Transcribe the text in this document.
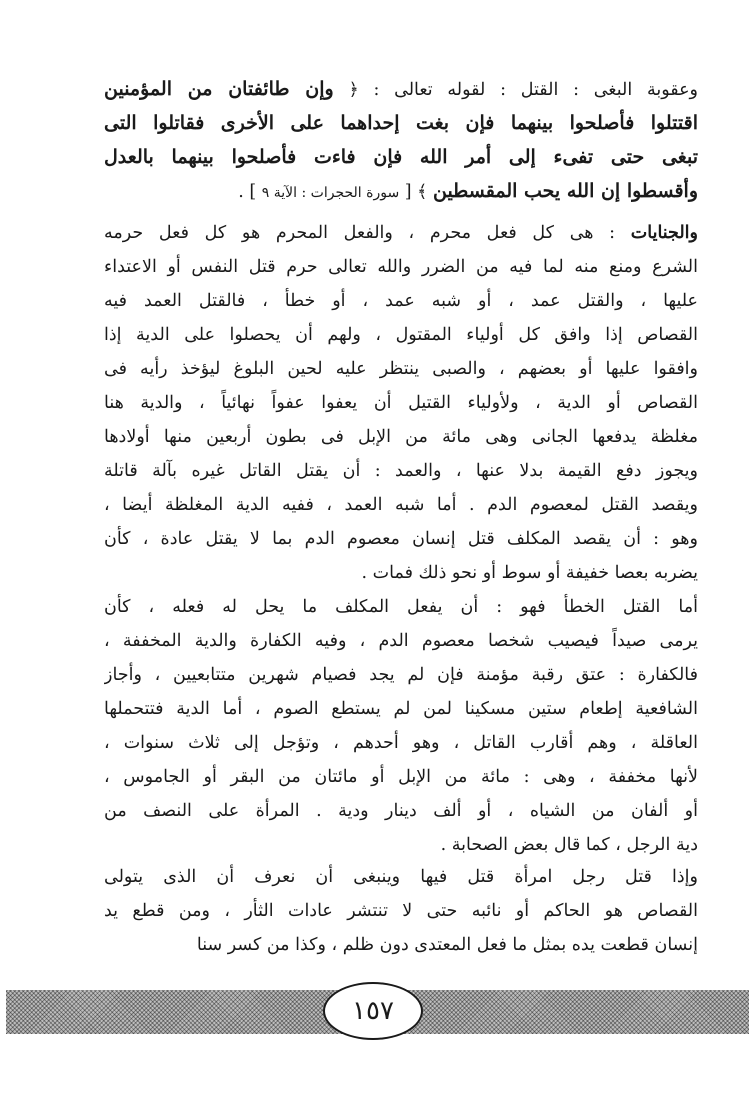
وعقوبة البغى : القتل : لقوله تعالى : ﴿ وإن طائفتان من المؤمنين
اقتتلوا فأصلحوا بينهما فإن بغت إحداهما على الأخرى فقاتلوا التى
تبغى حتى تفىء إلى أمر الله فإن فاءت فأصلحوا بينهما بالعدل
وأقسطوا إن الله يحب المقسطين ﴾ [ سورة الحجرات : الآية ٩ ] .
والجنايات : هى كل فعل محرم ، والفعل المحرم هو كل فعل حرمه
الشرع ومنع منه لما فيه من الضرر والله تعالى حرم قتل النفس أو الاعتداء
عليها ، والقتل عمد ، أو شبه عمد ، أو خطأ ، فالقتل العمد فيه
القصاص إذا وافق كل أولياء المقتول ، ولهم أن يحصلوا على الدية إذا
وافقوا عليها أو بعضهم ، والصبى ينتظر عليه لحين البلوغ ليؤخذ رأيه فى
القصاص أو الدية ، ولأولياء القتيل أن يعفوا عفواً نهائياً ، والدية هنا
مغلظة يدفعها الجانى وهى مائة من الإبل فى بطون أربعين منها أولادها
ويجوز دفع القيمة بدلا عنها ، والعمد : أن يقتل القاتل غيره بآلة قاتلة
ويقصد القتل لمعصوم الدم . أما شبه العمد ، ففيه الدية المغلظة أيضا ،
وهو : أن يقصد المكلف قتل إنسان معصوم الدم بما لا يقتل عادة ، كأن
يضربه بعصا خفيفة أو سوط أو نحو ذلك فمات .
أما القتل الخطأ فهو : أن يفعل المكلف ما يحل له فعله ، كأن
يرمى صيداً فيصيب شخصا معصوم الدم ، وفيه الكفارة والدية المخففة ،
فالكفارة : عتق رقبة مؤمنة فإن لم يجد فصيام شهرين متتابعيين ، وأجاز
الشافعية إطعام ستين مسكينا لمن لم يستطع الصوم ، أما الدية فتتحملها
العاقلة ، وهم أقارب القاتل ، وهو أحدهم ، وتؤجل إلى ثلاث سنوات ،
لأنها مخففة ، وهى : مائة من الإبل أو مائتان من البقر أو الجاموس ،
أو ألفان من الشياه ، أو ألف دينار ودية . المرأة على النصف من
دية الرجل ، كما قال بعض الصحابة .
وإذا قتل رجل امرأة قتل فيها وينبغى أن نعرف أن الذى يتولى
القصاص هو الحاكم أو نائبه حتى لا تنتشر عادات الثأر ، ومن قطع يد
إنسان قطعت يده بمثل ما فعل المعتدى دون ظلم ، وكذا من كسر سنا
١٥٧
